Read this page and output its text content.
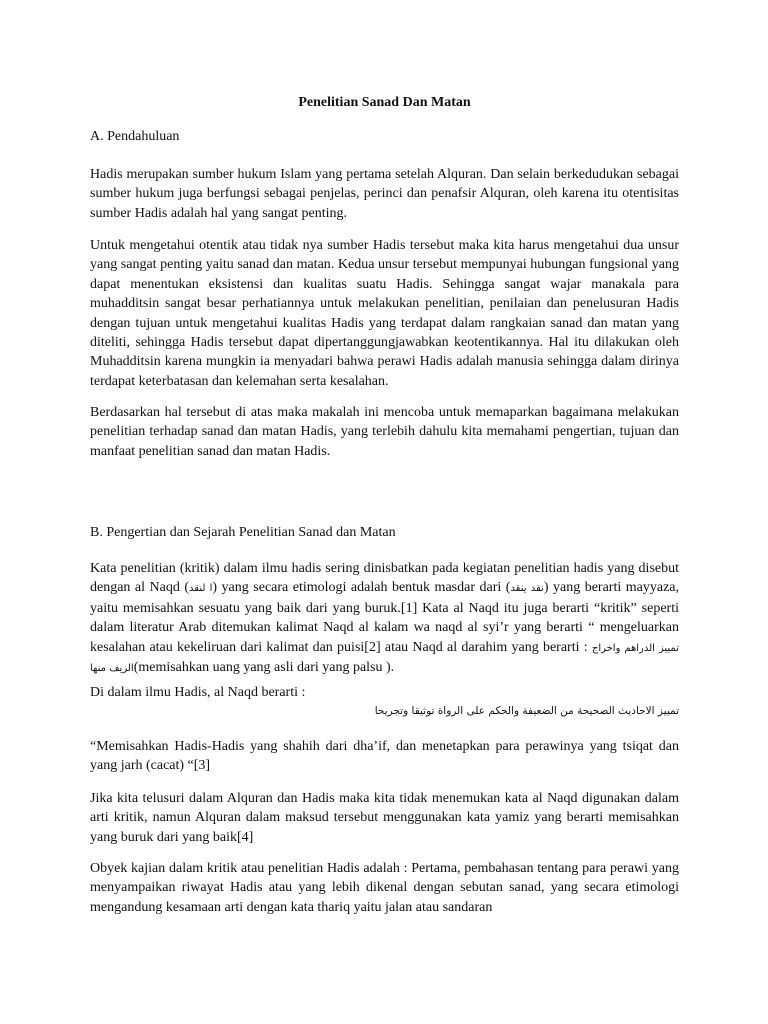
Penelitian Sanad Dan Matan
A. Pendahuluan

Hadis merupakan sumber hukum Islam yang pertama setelah Alquran. Dan selain berkedudukan sebagai sumber hukum juga berfungsi sebagai penjelas, perinci dan penafsir Alquran, oleh karena itu otentisitas sumber Hadis adalah hal yang sangat penting.

Untuk mengetahui otentik atau tidak nya sumber Hadis tersebut maka kita harus mengetahui dua unsur yang sangat penting yaitu sanad dan matan. Kedua unsur tersebut mempunyai hubungan fungsional yang dapat menentukan eksistensi dan kualitas suatu Hadis. Sehingga sangat wajar manakala para muhadditsin sangat besar perhatiannya untuk melakukan penelitian, penilaian dan penelusuran Hadis dengan tujuan untuk mengetahui kualitas Hadis yang terdapat dalam rangkaian sanad dan matan yang diteliti, sehingga Hadis tersebut dapat dipertanggungjawabkan keotentikannya. Hal itu dilakukan oleh Muhadditsin karena mungkin ia menyadari bahwa perawi Hadis adalah manusia sehingga dalam dirinya terdapat keterbatasan dan kelemahan serta kesalahan.

Berdasarkan hal tersebut di atas maka makalah ini mencoba untuk memaparkan bagaimana melakukan penelitian terhadap sanad dan matan Hadis, yang terlebih dahulu kita memahami pengertian, tujuan dan manfaat penelitian sanad dan matan Hadis.

B. Pengertian dan Sejarah Penelitian Sanad dan Matan

Kata penelitian (kritik) dalam ilmu hadis sering dinisbatkan pada kegiatan penelitian hadis yang disebut dengan al Naqd (ا لنقد) yang secara etimologi adalah bentuk masdar dari (نقد ينقد) yang berarti mayyaza, yaitu memisahkan sesuatu yang baik dari yang buruk.[1] Kata al Naqd itu juga berarti “kritik” seperti dalam literatur Arab ditemukan kalimat Naqd al kalam wa naqd al syi’r yang berarti “ mengeluarkan kesalahan atau kekeliruan dari kalimat dan puisi[2] atau Naqd al darahim yang berarti : تمييز الدراهم واخراج الزيف منها(memisahkan uang yang asli dari yang palsu ).

Di dalam ilmu Hadis, al Naqd berarti :

تمييز الاحاديث الصحيحة من الضعيفة والحكم على الرواة توثيقا وتجريحا

“Memisahkan Hadis-Hadis yang shahih dari dha’if, dan menetapkan para perawinya yang tsiqat dan yang jarh (cacat) “[3]

Jika kita telusuri dalam Alquran dan Hadis maka kita tidak menemukan kata al Naqd digunakan dalam arti kritik, namun Alquran dalam maksud tersebut menggunakan kata yamiz yang berarti memisahkan yang buruk dari yang baik[4]

Obyek kajian dalam kritik atau penelitian Hadis adalah : Pertama, pembahasan tentang para perawi yang menyampaikan riwayat Hadis atau yang lebih dikenal dengan sebutan sanad, yang secara etimologi mengandung kesamaan arti dengan kata thariq yaitu jalan atau sandaran
